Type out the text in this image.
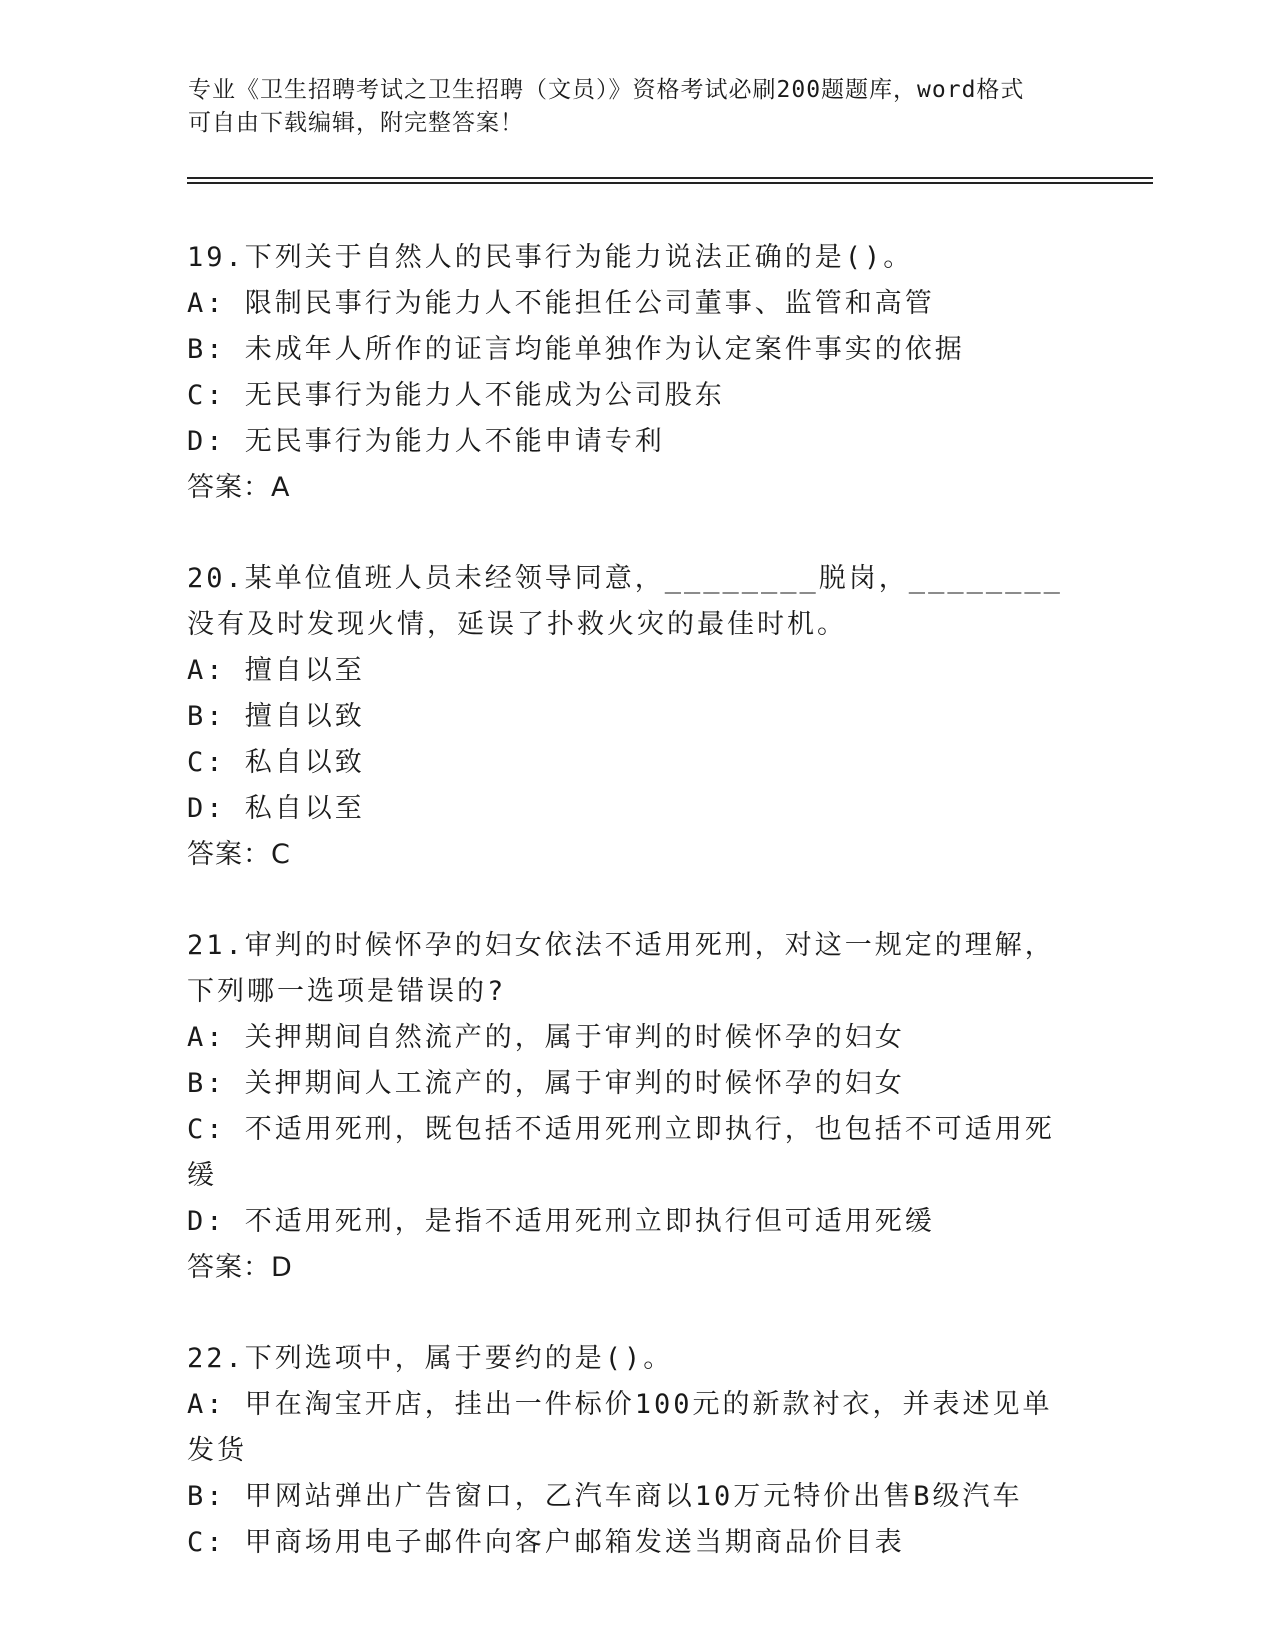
专业《卫生招聘考试之卫生招聘（文员）》资格考试必刷200题题库，word格式
可自由下载编辑，附完整答案！

19.下列关于自然人的民事行为能力说法正确的是()。

A: 限制民事行为能力人不能担任公司董事、监管和高管

B: 未成年人所作的证言均能单独作为认定案件事实的依据

C: 无民事行为能力人不能成为公司股东

D: 无民事行为能力人不能申请专利

答案：A

20.某单位值班人员未经领导同意，________脱岗，________没有及时发现火情，延误了扑救火灾的最佳时机。

A: 擅自以至

B: 擅自以致

C: 私自以致

D: 私自以至

答案：C

21.审判的时候怀孕的妇女依法不适用死刑，对这一规定的理解，下列哪一选项是错误的?

A: 关押期间自然流产的，属于审判的时候怀孕的妇女

B: 关押期间人工流产的，属于审判的时候怀孕的妇女

C: 不适用死刑，既包括不适用死刑立即执行，也包括不可适用死缓

D: 不适用死刑，是指不适用死刑立即执行但可适用死缓

答案：D

22.下列选项中，属于要约的是()。

A: 甲在淘宝开店，挂出一件标价100元的新款衬衣，并表述见单发货

B: 甲网站弹出广告窗口，乙汽车商以10万元特价出售B级汽车

C: 甲商场用电子邮件向客户邮箱发送当期商品价目表
